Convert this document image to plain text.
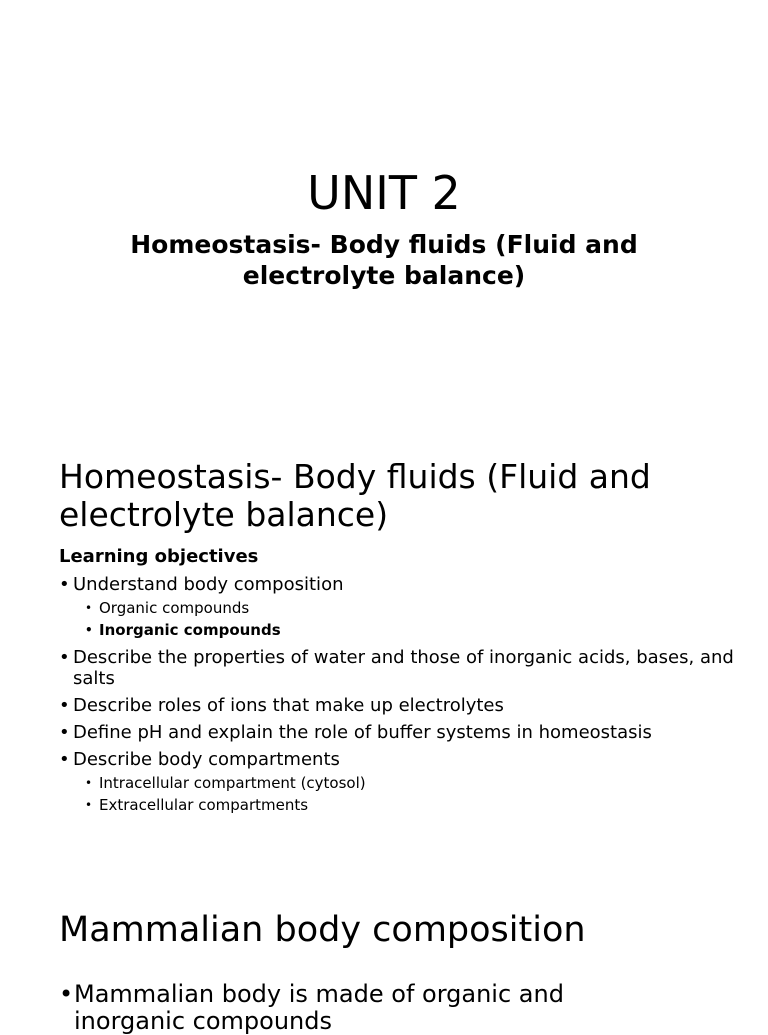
UNIT 2
Homeostasis- Body fluids (Fluid and electrolyte balance)
Homeostasis- Body fluids (Fluid and electrolyte balance)
Learning objectives
• Understand body composition
• Organic compounds
• Inorganic compounds
• Describe the properties of water and those of inorganic acids, bases, and salts
• Describe roles of ions that make up electrolytes
• Define pH and explain the role of buffer systems in homeostasis
• Describe body compartments
• Intracellular compartment (cytosol)
• Extracellular compartments
Mammalian body composition
• Mammalian body is made of organic and inorganic compounds
